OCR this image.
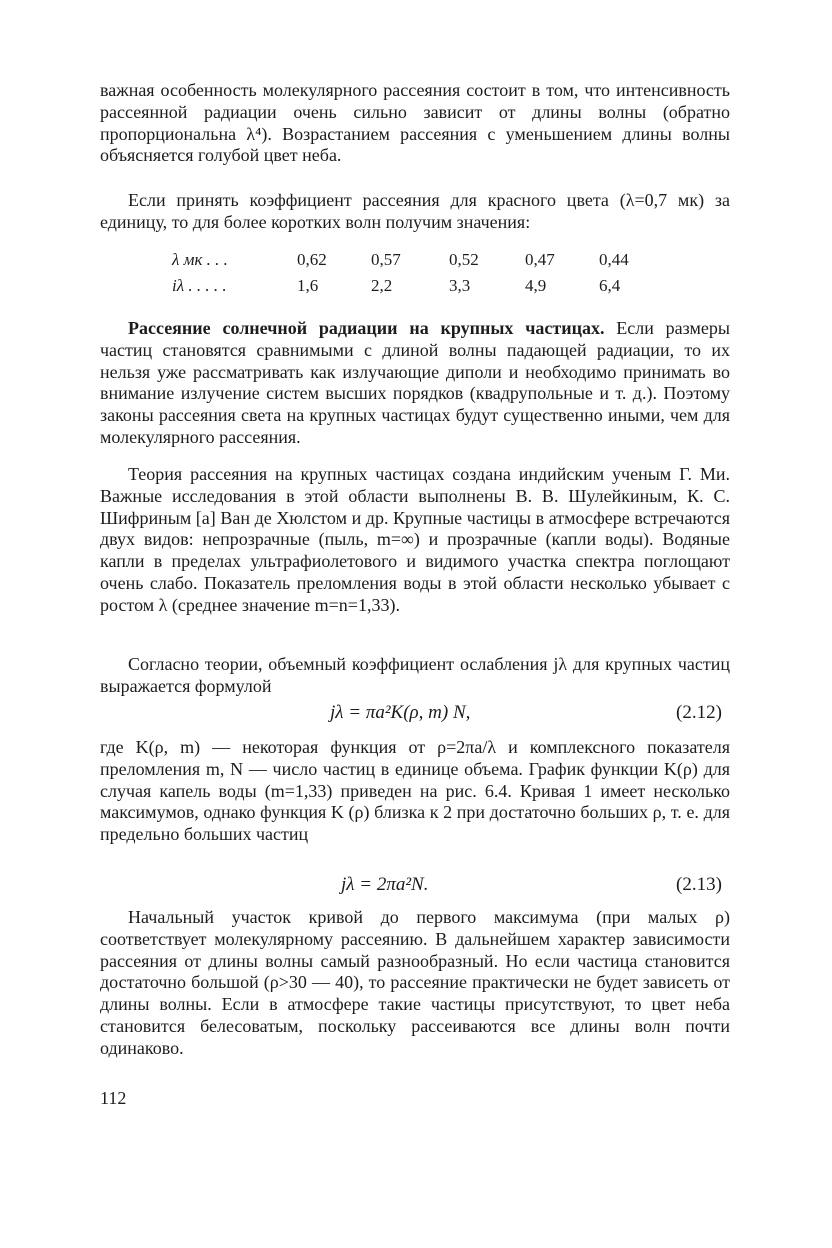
важная особенность молекулярного рассеяния состоит в том, что интенсивность рассеянной радиации очень сильно зависит от длины волны (обратно пропорциональна λ⁴). Возрастанием рассеяния с уменьшением длины волны объясняется голубой цвет неба.

Если принять коэффициент рассеяния для красного цвета (λ=0,7 мк) за единицу, то для более коротких волн получим значения:

λ мк . . .	0,62	0,57	0,52	0,47	0,44
iλ . . . . .	1,6	2,2	3,3	4,9	6,4

Рассеяние солнечной радиации на крупных частицах. Если размеры частиц становятся сравнимыми с длиной волны падающей радиации, то их нельзя уже рассматривать как излучающие диполи и необходимо принимать во внимание излучение систем высших порядков (квадрупольные и т. д.). Поэтому законы рассеяния света на крупных частицах будут существенно иными, чем для молекулярного рассеяния.

Теория рассеяния на крупных частицах создана индийским ученым Г. Ми. Важные исследования в этой области выполнены В. В. Шулейкиным, К. С. Шифриным [а] Ван де Хюлстом и др. Крупные частицы в атмосфере встречаются двух видов: непрозрачные (пыль, m=∞) и прозрачные (капли воды). Водяные капли в пределах ультрафиолетового и видимого участка спектра поглощают очень слабо. Показатель преломления воды в этой области несколько убывает с ростом λ (среднее значение m=n=1,33).

Согласно теории, объемный коэффициент ослабления jλ для крупных частиц выражается формулой

jλ = πa²K(ρ, m) N,	(2.12)

где K(ρ, m) — некоторая функция от ρ=2πa/λ и комплексного показателя преломления m, N — число частиц в единице объема. График функции K(ρ) для случая капель воды (m=1,33) приведен на рис. 6.4. Кривая 1 имеет несколько максимумов, однако функция K (ρ) близка к 2 при достаточно больших ρ, т. е. для предельно больших частиц

jλ = 2πa²N.	(2.13)

Начальный участок кривой до первого максимума (при малых ρ) соответствует молекулярному рассеянию. В дальнейшем характер зависимости рассеяния от длины волны самый разнообразный. Но если частица становится достаточно большой (ρ>30 — 40), то рассеяние практически не будет зависеть от длины волны. Если в атмосфере такие частицы присутствуют, то цвет неба становится белесоватым, поскольку рассеиваются все длины волн почти одинаково.

112
